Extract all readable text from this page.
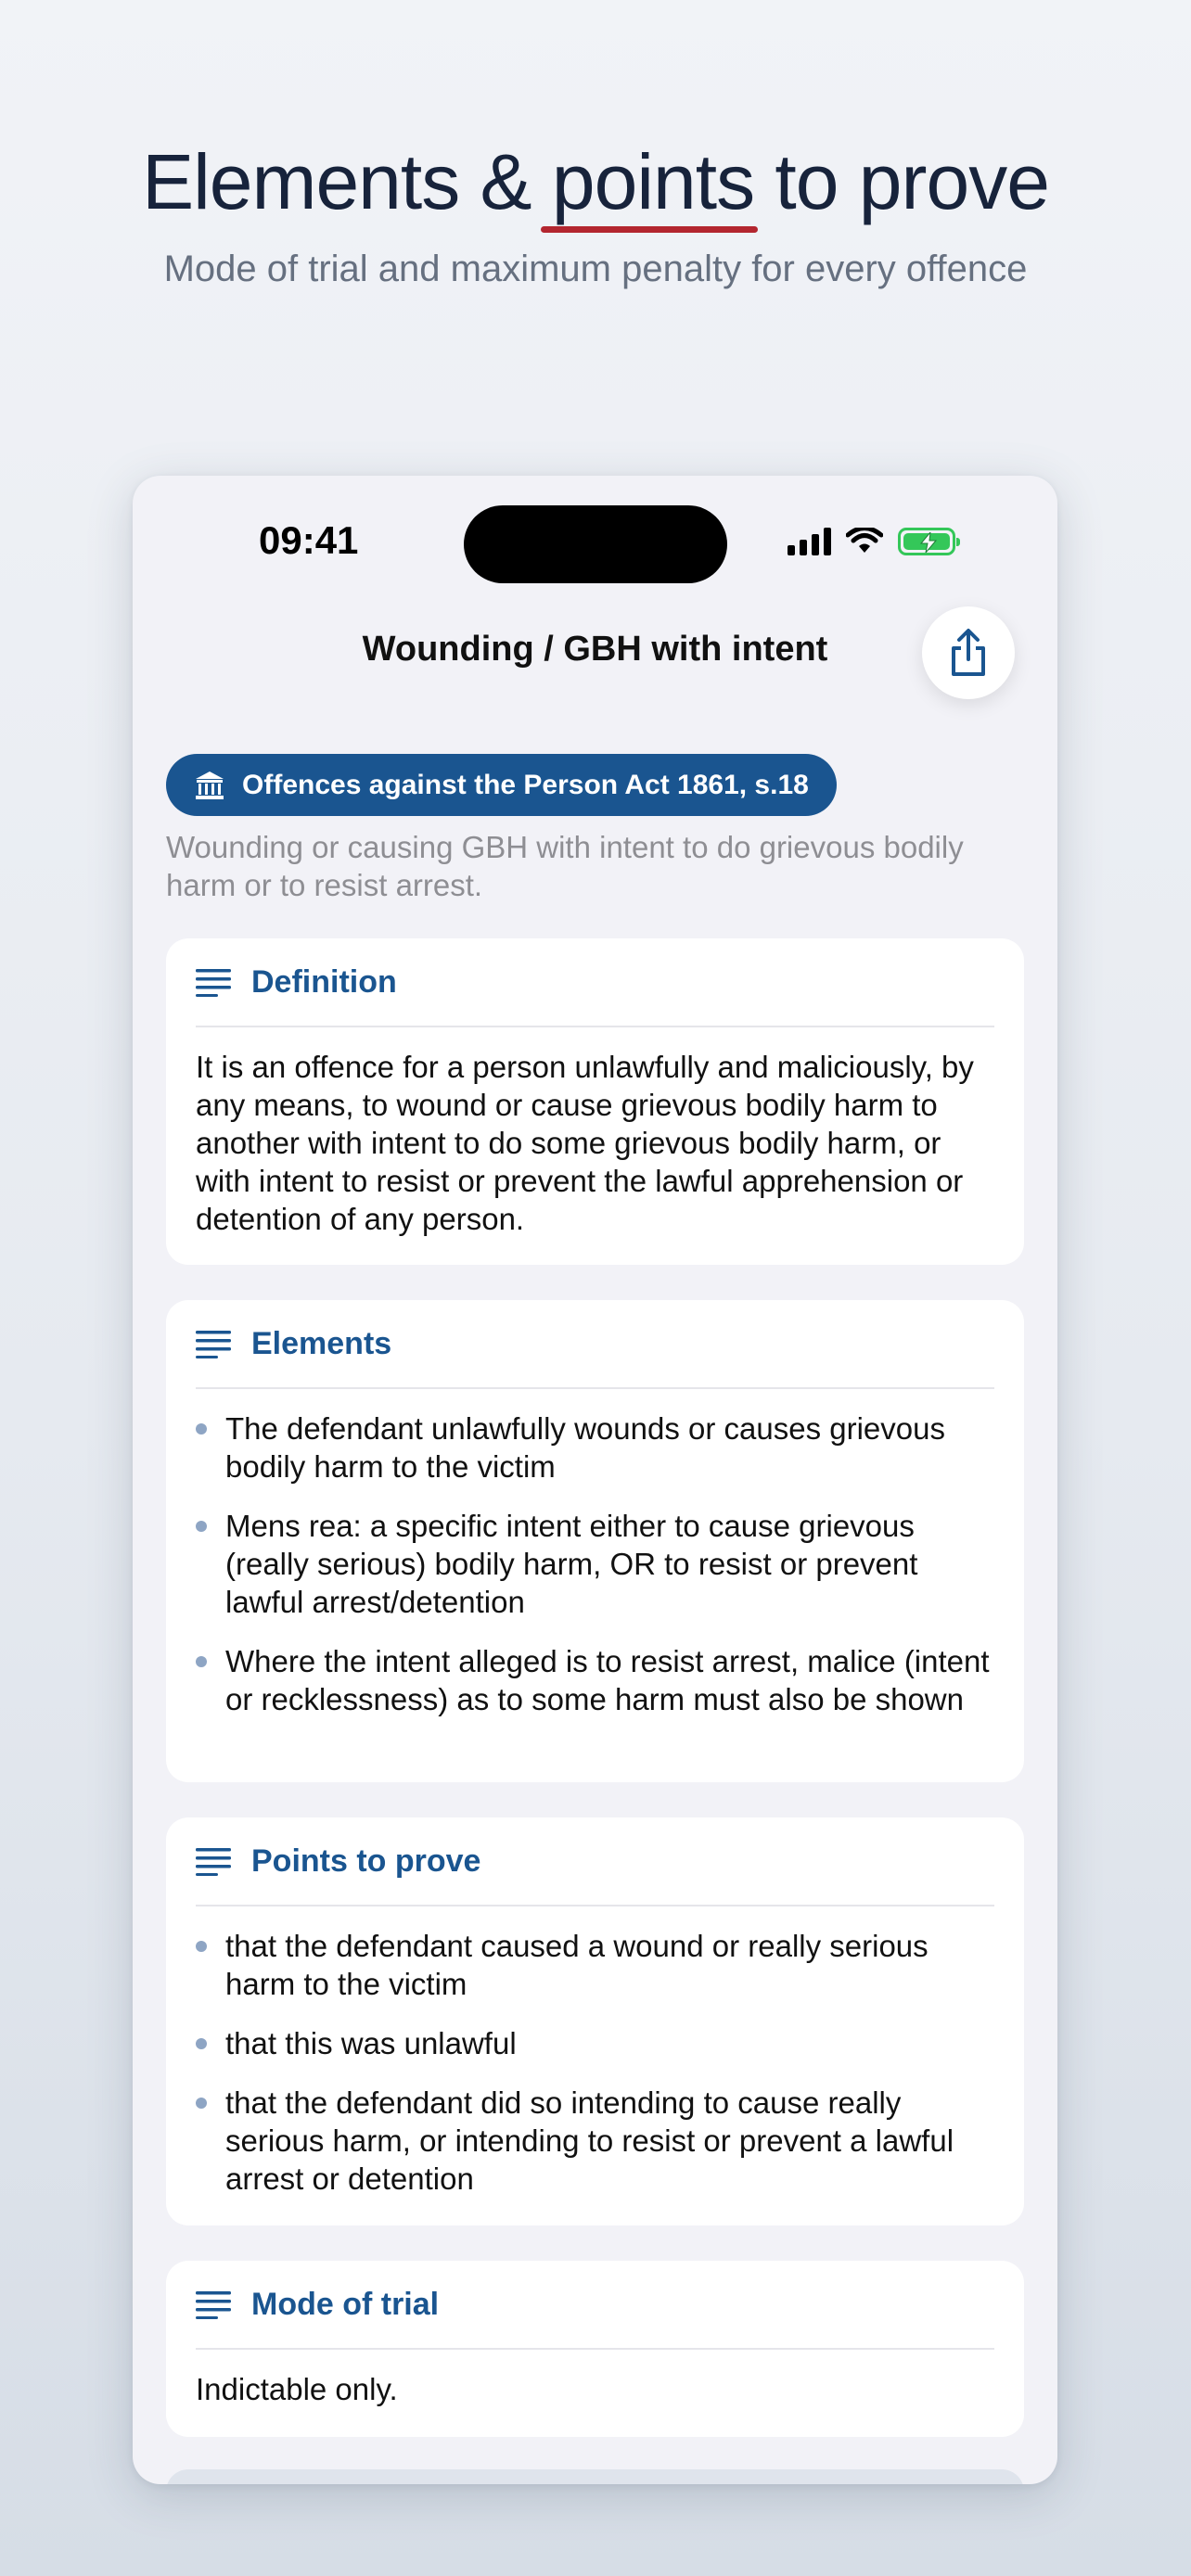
Elements & points
to prove
Mode of trial and maximum penalty for every offence
09:41
Wounding / GBH with intent
Offences against the Person Act 1861, s.18
Wounding or causing GBH with intent to do grievous bodily harm or to resist arrest.
Definition
It is an offence for a person unlawfully and maliciously, by any means, to wound or cause grievous bodily harm to another with intent to do some grievous bodily harm, or with intent to resist or prevent the lawful apprehension or detention of any person.
Elements
The defendant unlawfully wounds or causes grievous bodily harm to the victim
Mens rea: a specific intent either to cause grievous (really serious) bodily harm, OR to resist or prevent lawful arrest/detention
Where the intent alleged is to resist arrest, malice (intent or recklessness) as to some harm must also be shown
Points to prove
that the defendant caused a wound or really serious harm to the victim
that this was unlawful
that the defendant did so intending to cause really serious harm, or intending to resist or prevent a lawful arrest or detention
Mode of trial
Indictable only.
